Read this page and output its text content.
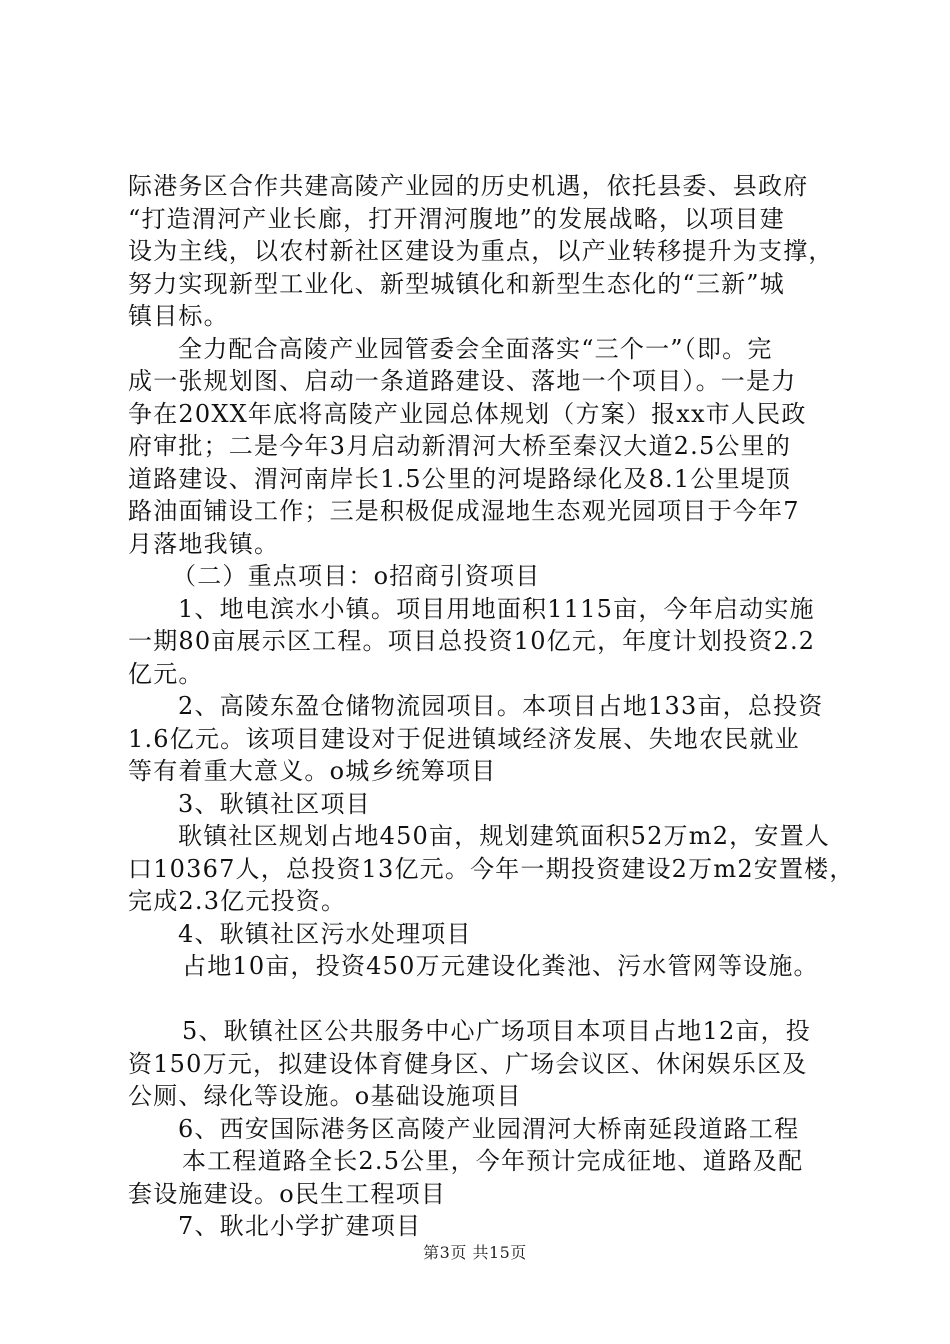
际港务区合作共建高陵产业园的历史机遇，依托县委、县政府
“打造渭河产业长廊，打开渭河腹地”的发展战略，以项目建
设为主线，以农村新社区建设为重点，以产业转移提升为支撑，
努力实现新型工业化、新型城镇化和新型生态化的“三新”城
镇目标。
全力配合高陵产业园管委会全面落实“三个一”（即。完
成一张规划图、启动一条道路建设、落地一个项目）。一是力
争在20XX年底将高陵产业园总体规划（方案）报xx市人民政
府审批；二是今年3月启动新渭河大桥至秦汉大道2.5公里的
道路建设、渭河南岸长1.5公里的河堤路绿化及8.1公里堤顶
路油面铺设工作；三是积极促成湿地生态观光园项目于今年7
月落地我镇。
（二）重点项目：o招商引资项目
1、地电滨水小镇。项目用地面积1115亩，今年启动实施
一期80亩展示区工程。项目总投资10亿元，年度计划投资2.2
亿元。
2、高陵东盈仓储物流园项目。本项目占地133亩，总投资
1.6亿元。该项目建设对于促进镇域经济发展、失地农民就业
等有着重大意义。o城乡统筹项目
3、耿镇社区项目
耿镇社区规划占地450亩，规划建筑面积52万m2，安置人
口10367人，总投资13亿元。今年一期投资建设2万m2安置楼，
完成2.3亿元投资。
4、耿镇社区污水处理项目
占地10亩，投资450万元建设化粪池、污水管网等设施。
5、耿镇社区公共服务中心广场项目本项目占地12亩，投
资150万元，拟建设体育健身区、广场会议区、休闲娱乐区及
公厕、绿化等设施。o基础设施项目
6、西安国际港务区高陵产业园渭河大桥南延段道路工程
本工程道路全长2.5公里，今年预计完成征地、道路及配
套设施建设。o民生工程项目
7、耿北小学扩建项目
第3页 共15页
